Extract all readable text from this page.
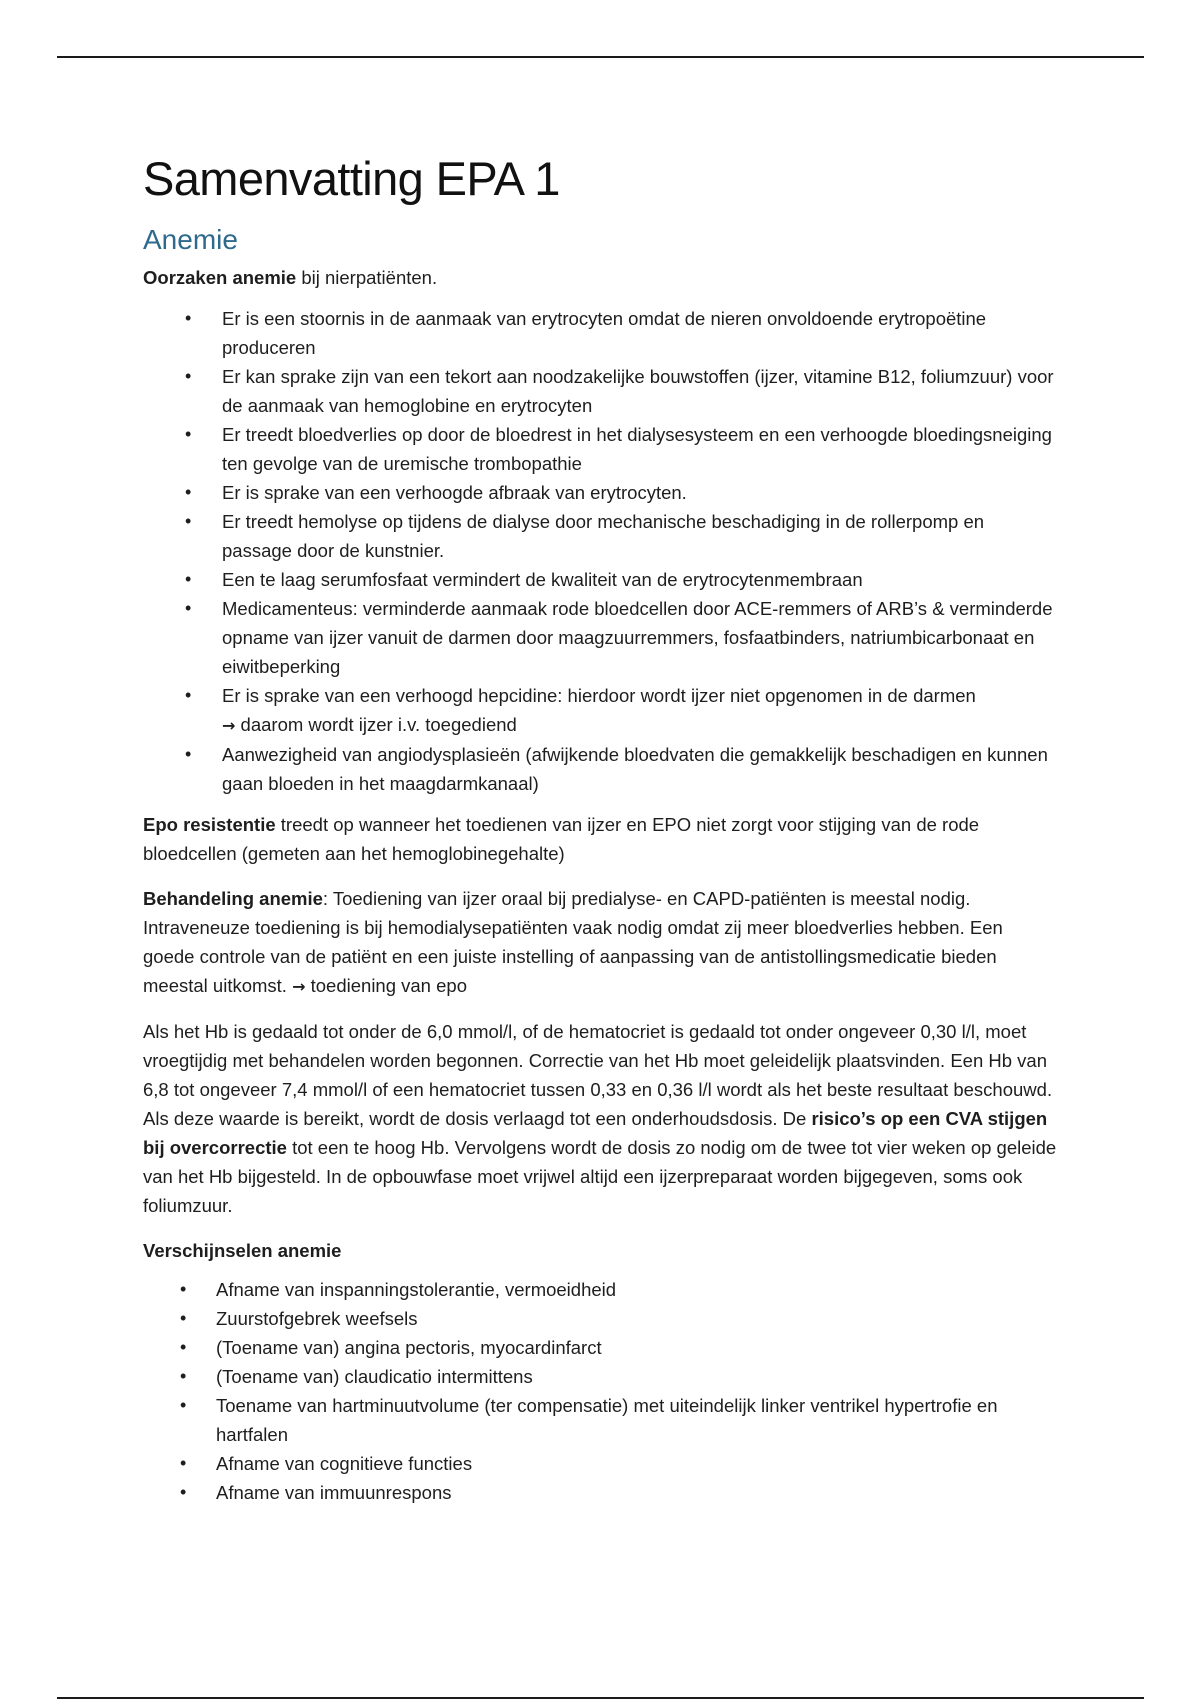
Samenvatting EPA 1
Anemie

Oorzaken anemie bij nierpatiënten.

• Er is een stoornis in de aanmaak van erytrocyten omdat de nieren onvoldoende erytropoëtine produceren
• Er kan sprake zijn van een tekort aan noodzakelijke bouwstoffen (ijzer, vitamine B12, foliumzuur) voor de aanmaak van hemoglobine en erytrocyten
• Er treedt bloedverlies op door de bloedrest in het dialysesysteem en een verhoogde bloedingsneiging ten gevolge van de uremische trombopathie
• Er is sprake van een verhoogde afbraak van erytrocyten.
• Er treedt hemolyse op tijdens de dialyse door mechanische beschadiging in de rollerpomp en passage door de kunstnier.
• Een te laag serumfosfaat vermindert de kwaliteit van de erytrocytenmembraan
• Medicamenteus: verminderde aanmaak rode bloedcellen door ACE-remmers of ARB’s & verminderde opname van ijzer vanuit de darmen door maagzuurremmers, fosfaatbinders, natriumbicarbonaat en eiwitbeperking
• Er is sprake van een verhoogd hepcidine: hierdoor wordt ijzer niet opgenomen in de darmen
→ daarom wordt ijzer i.v. toegediend
• Aanwezigheid van angiodysplasieën (afwijkende bloedvaten die gemakkelijk beschadigen en kunnen gaan bloeden in het maagdarmkanaal)

Epo resistentie treedt op wanneer het toedienen van ijzer en EPO niet zorgt voor stijging van de rode bloedcellen (gemeten aan het hemoglobinegehalte)

Behandeling anemie: Toediening van ijzer oraal bij predialyse- en CAPD-patiënten is meestal nodig. Intraveneuze toediening is bij hemodialysepatiënten vaak nodig omdat zij meer bloedverlies hebben. Een goede controle van de patiënt en een juiste instelling of aanpassing van de antistollingsmedicatie bieden meestal uitkomst. → toediening van epo

Als het Hb is gedaald tot onder de 6,0 mmol/l, of de hematocriet is gedaald tot onder ongeveer 0,30 l/l, moet vroegtijdig met behandelen worden begonnen. Correctie van het Hb moet geleidelijk plaatsvinden. Een Hb van 6,8 tot ongeveer 7,4 mmol/l of een hematocriet tussen 0,33 en 0,36 l/l wordt als het beste resultaat beschouwd. Als deze waarde is bereikt, wordt de dosis verlaagd tot een onderhoudsdosis. De risico’s op een CVA stijgen bij overcorrectie tot een te hoog Hb. Vervolgens wordt de dosis zo nodig om de twee tot vier weken op geleide van het Hb bijgesteld. In de opbouwfase moet vrijwel altijd een ijzerpreparaat worden bijgegeven, soms ook foliumzuur.

Verschijnselen anemie

• Afname van inspanningstolerantie, vermoeidheid
• Zuurstofgebrek weefsels
• (Toename van) angina pectoris, myocardinfarct
• (Toename van) claudicatio intermittens
• Toename van hartminuutvolume (ter compensatie) met uiteindelijk linker ventrikel hypertrofie en hartfalen
• Afname van cognitieve functies
• Afname van immuunrespons
